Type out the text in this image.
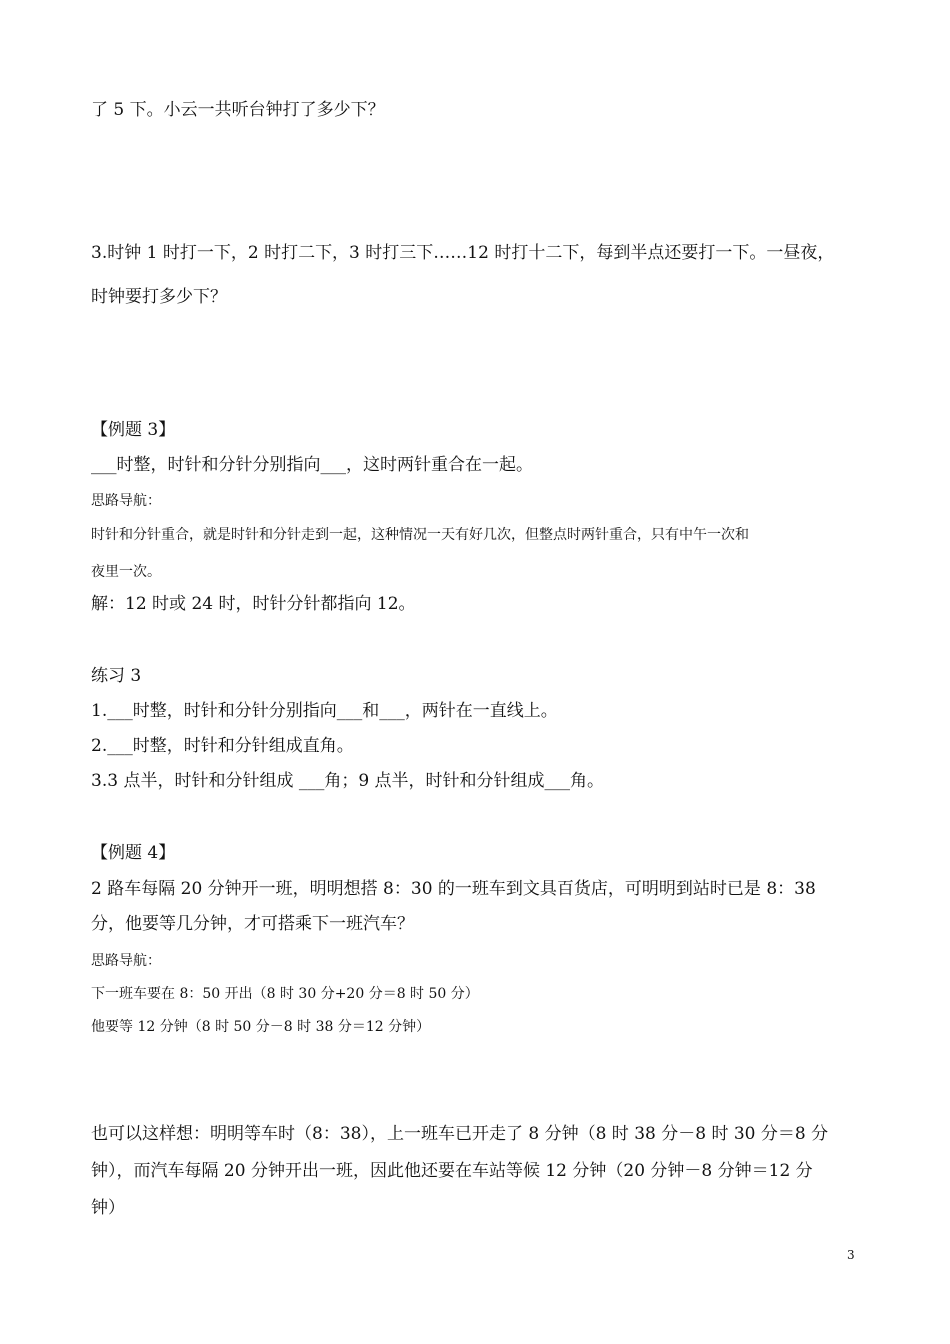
了 5 下。小云一共听台钟打了多少下？
3.时钟 1 时打一下，2 时打二下，3 时打三下……12 时打十二下，每到半点还要打一下。一昼夜，
时钟要打多少下？
【例题 3】
___时整，时针和分针分别指向___，这时两针重合在一起。
思路导航：
时针和分针重合，就是时针和分针走到一起，这种情况一天有好几次，但整点时两针重合，只有中午一次和
夜里一次。
解：12 时或 24 时，时针分针都指向 12。
练习 3
1.___时整，时针和分针分别指向___和___，两针在一直线上。
2.___时整，时针和分针组成直角。
3.3 点半，时针和分针组成 ___角；9 点半，时针和分针组成___角。
【例题 4】
2 路车每隔 20 分钟开一班，明明想搭 8：30 的一班车到文具百货店，可明明到站时已是 8：38
分，他要等几分钟，才可搭乘下一班汽车？
思路导航：
下一班车要在 8：50 开出（8 时 30 分+20 分＝8 时 50 分）
他要等 12 分钟（8 时 50 分－8 时 38 分＝12 分钟）
也可以这样想：明明等车时（8：38），上一班车已开走了 8 分钟（8 时 38 分－8 时 30 分＝8 分
钟），而汽车每隔 20 分钟开出一班，因此他还要在车站等候 12 分钟（20 分钟－8 分钟＝12 分
钟）
3
